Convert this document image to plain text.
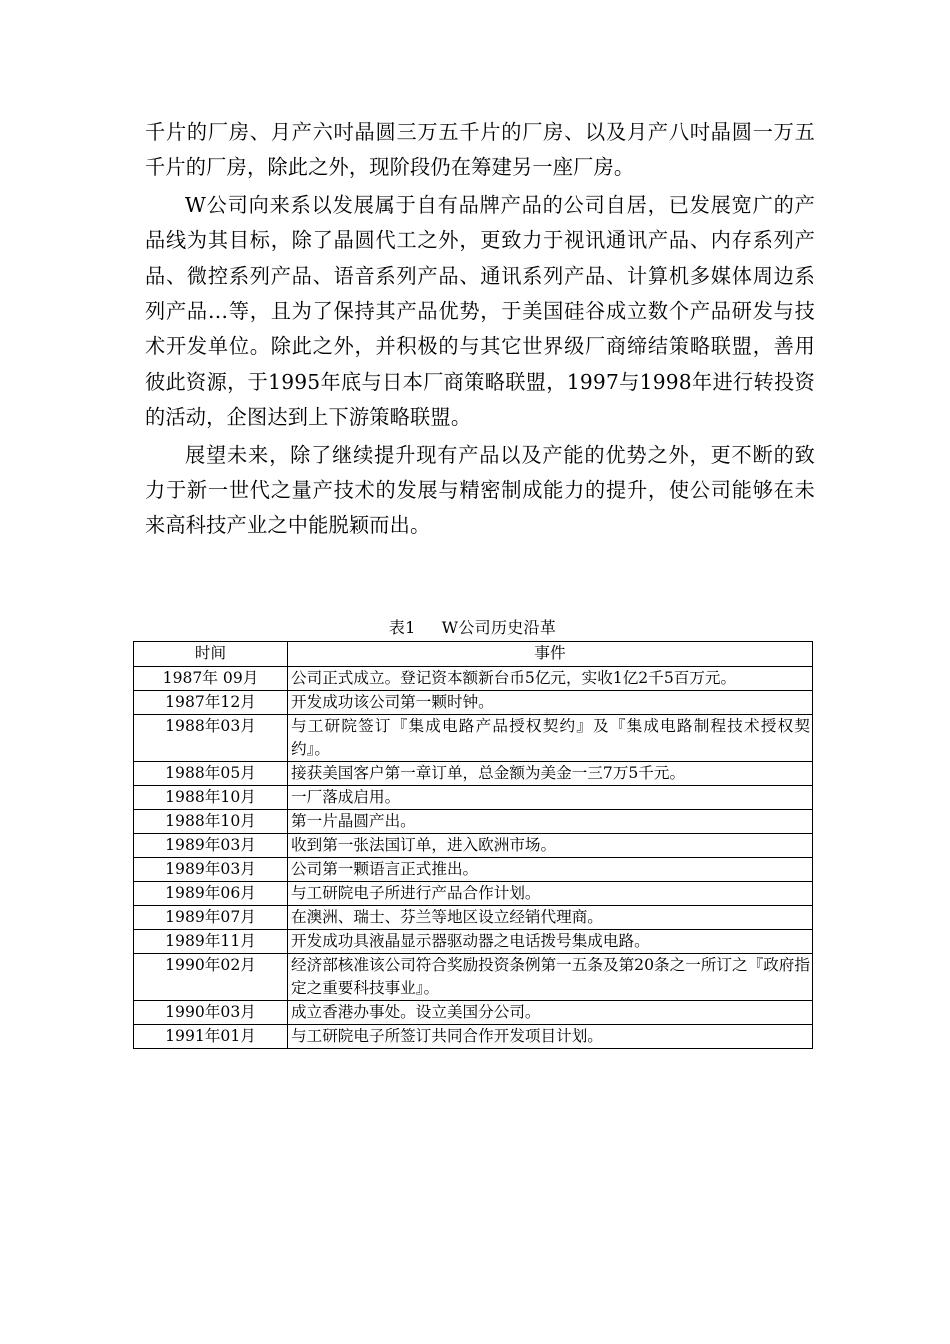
千片的厂房、月产六吋晶圆三万五千片的厂房、以及月产八吋晶圆一万五千片的厂房，除此之外，现阶段仍在筹建另一座厂房。

W公司向来系以发展属于自有品牌产品的公司自居，已发展宽广的产品线为其目标，除了晶圆代工之外，更致力于视讯通讯产品、内存系列产品、微控系列产品、语音系列产品、通讯系列产品、计算机多媒体周边系列产品…等，且为了保持其产品优势，于美国硅谷成立数个产品研发与技术开发单位。除此之外，并积极的与其它世界级厂商缔结策略联盟，善用彼此资源，于1995年底与日本厂商策略联盟，1997与1998年进行转投资的活动，企图达到上下游策略联盟。

展望未来，除了继续提升现有产品以及产能的优势之外，更不断的致力于新一世代之量产技术的发展与精密制成能力的提升，使公司能够在未来高科技产业之中能脱颖而出。

表1 W公司历史沿革
时间	事件
1987年 09月	公司正式成立。登记资本额新台币5亿元，实收1亿2千5百万元。
1987年12月	开发成功该公司第一颗时钟。
1988年03月	与工研院签订『集成电路产品授权契约』及『集成电路制程技术授权契约』。
1988年05月	接获美国客户第一章订单，总金额为美金一三7万5千元。
1988年10月	一厂落成启用。
1988年10月	第一片晶圆产出。
1989年03月	收到第一张法国订单，进入欧洲市场。
1989年03月	公司第一颗语言正式推出。
1989年06月	与工研院电子所进行产品合作计划。
1989年07月	在澳洲、瑞士、芬兰等地区设立经销代理商。
1989年11月	开发成功具液晶显示器驱动器之电话拨号集成电路。
1990年02月	经济部核准该公司符合奖励投资条例第一五条及第20条之一所订之『政府指定之重要科技事业』。
1990年03月	成立香港办事处。设立美国分公司。
1991年01月	与工研院电子所签订共同合作开发项目计划。
